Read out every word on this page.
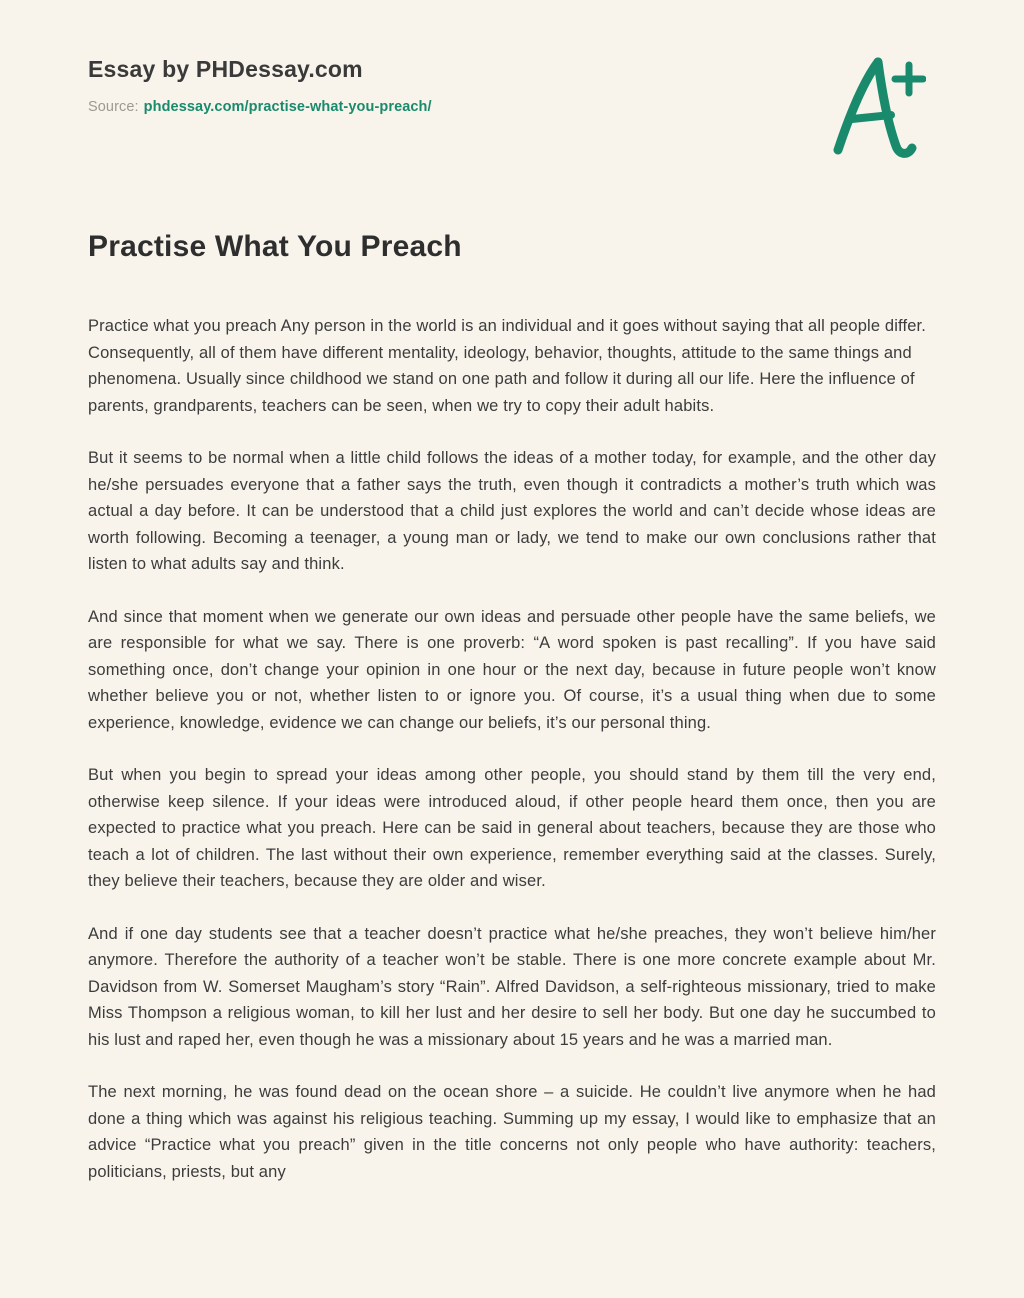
Essay by PHDessay.com
Source: phdessay.com/practise-what-you-preach/
Practise What You Preach

Practice what you preach Any person in the world is an individual and it goes without saying that all people differ. Consequently, all of them have different mentality, ideology, behavior, thoughts, attitude to the same things and phenomena. Usually since childhood we stand on one path and follow it during all our life. Here the influence of parents, grandparents, teachers can be seen, when we try to copy their adult habits.

But it seems to be normal when a little child follows the ideas of a mother today, for example, and the other day he/she persuades everyone that a father says the truth, even though it contradicts a mother’s truth which was actual a day before. It can be understood that a child just explores the world and can’t decide whose ideas are worth following. Becoming a teenager, a young man or lady, we tend to make our own conclusions rather that listen to what adults say and think.

And since that moment when we generate our own ideas and persuade other people have the same beliefs, we are responsible for what we say. There is one proverb: “A word spoken is past recalling”. If you have said something once, don’t change your opinion in one hour or the next day, because in future people won’t know whether believe you or not, whether listen to or ignore you. Of course, it’s a usual thing when due to some experience, knowledge, evidence we can change our beliefs, it’s our personal thing.

But when you begin to spread your ideas among other people, you should stand by them till the very end, otherwise keep silence. If your ideas were introduced aloud, if other people heard them once, then you are expected to practice what you preach. Here can be said in general about teachers, because they are those who teach a lot of children. The last without their own experience, remember everything said at the classes. Surely, they believe their teachers, because they are older and wiser.

And if one day students see that a teacher doesn’t practice what he/she preaches, they won’t believe him/her anymore. Therefore the authority of a teacher won’t be stable. There is one more concrete example about Mr. Davidson from W. Somerset Maugham’s story “Rain”. Alfred Davidson, a self-righteous missionary, tried to make Miss Thompson a religious woman, to kill her lust and her desire to sell her body. But one day he succumbed to his lust and raped her, even though he was a missionary about 15 years and he was a married man.

The next morning, he was found dead on the ocean shore – a suicide. He couldn’t live anymore when he had done a thing which was against his religious teaching. Summing up my essay, I would like to emphasize that an advice “Practice what you preach” given in the title concerns not only people who have authority: teachers, politicians, priests, but any
